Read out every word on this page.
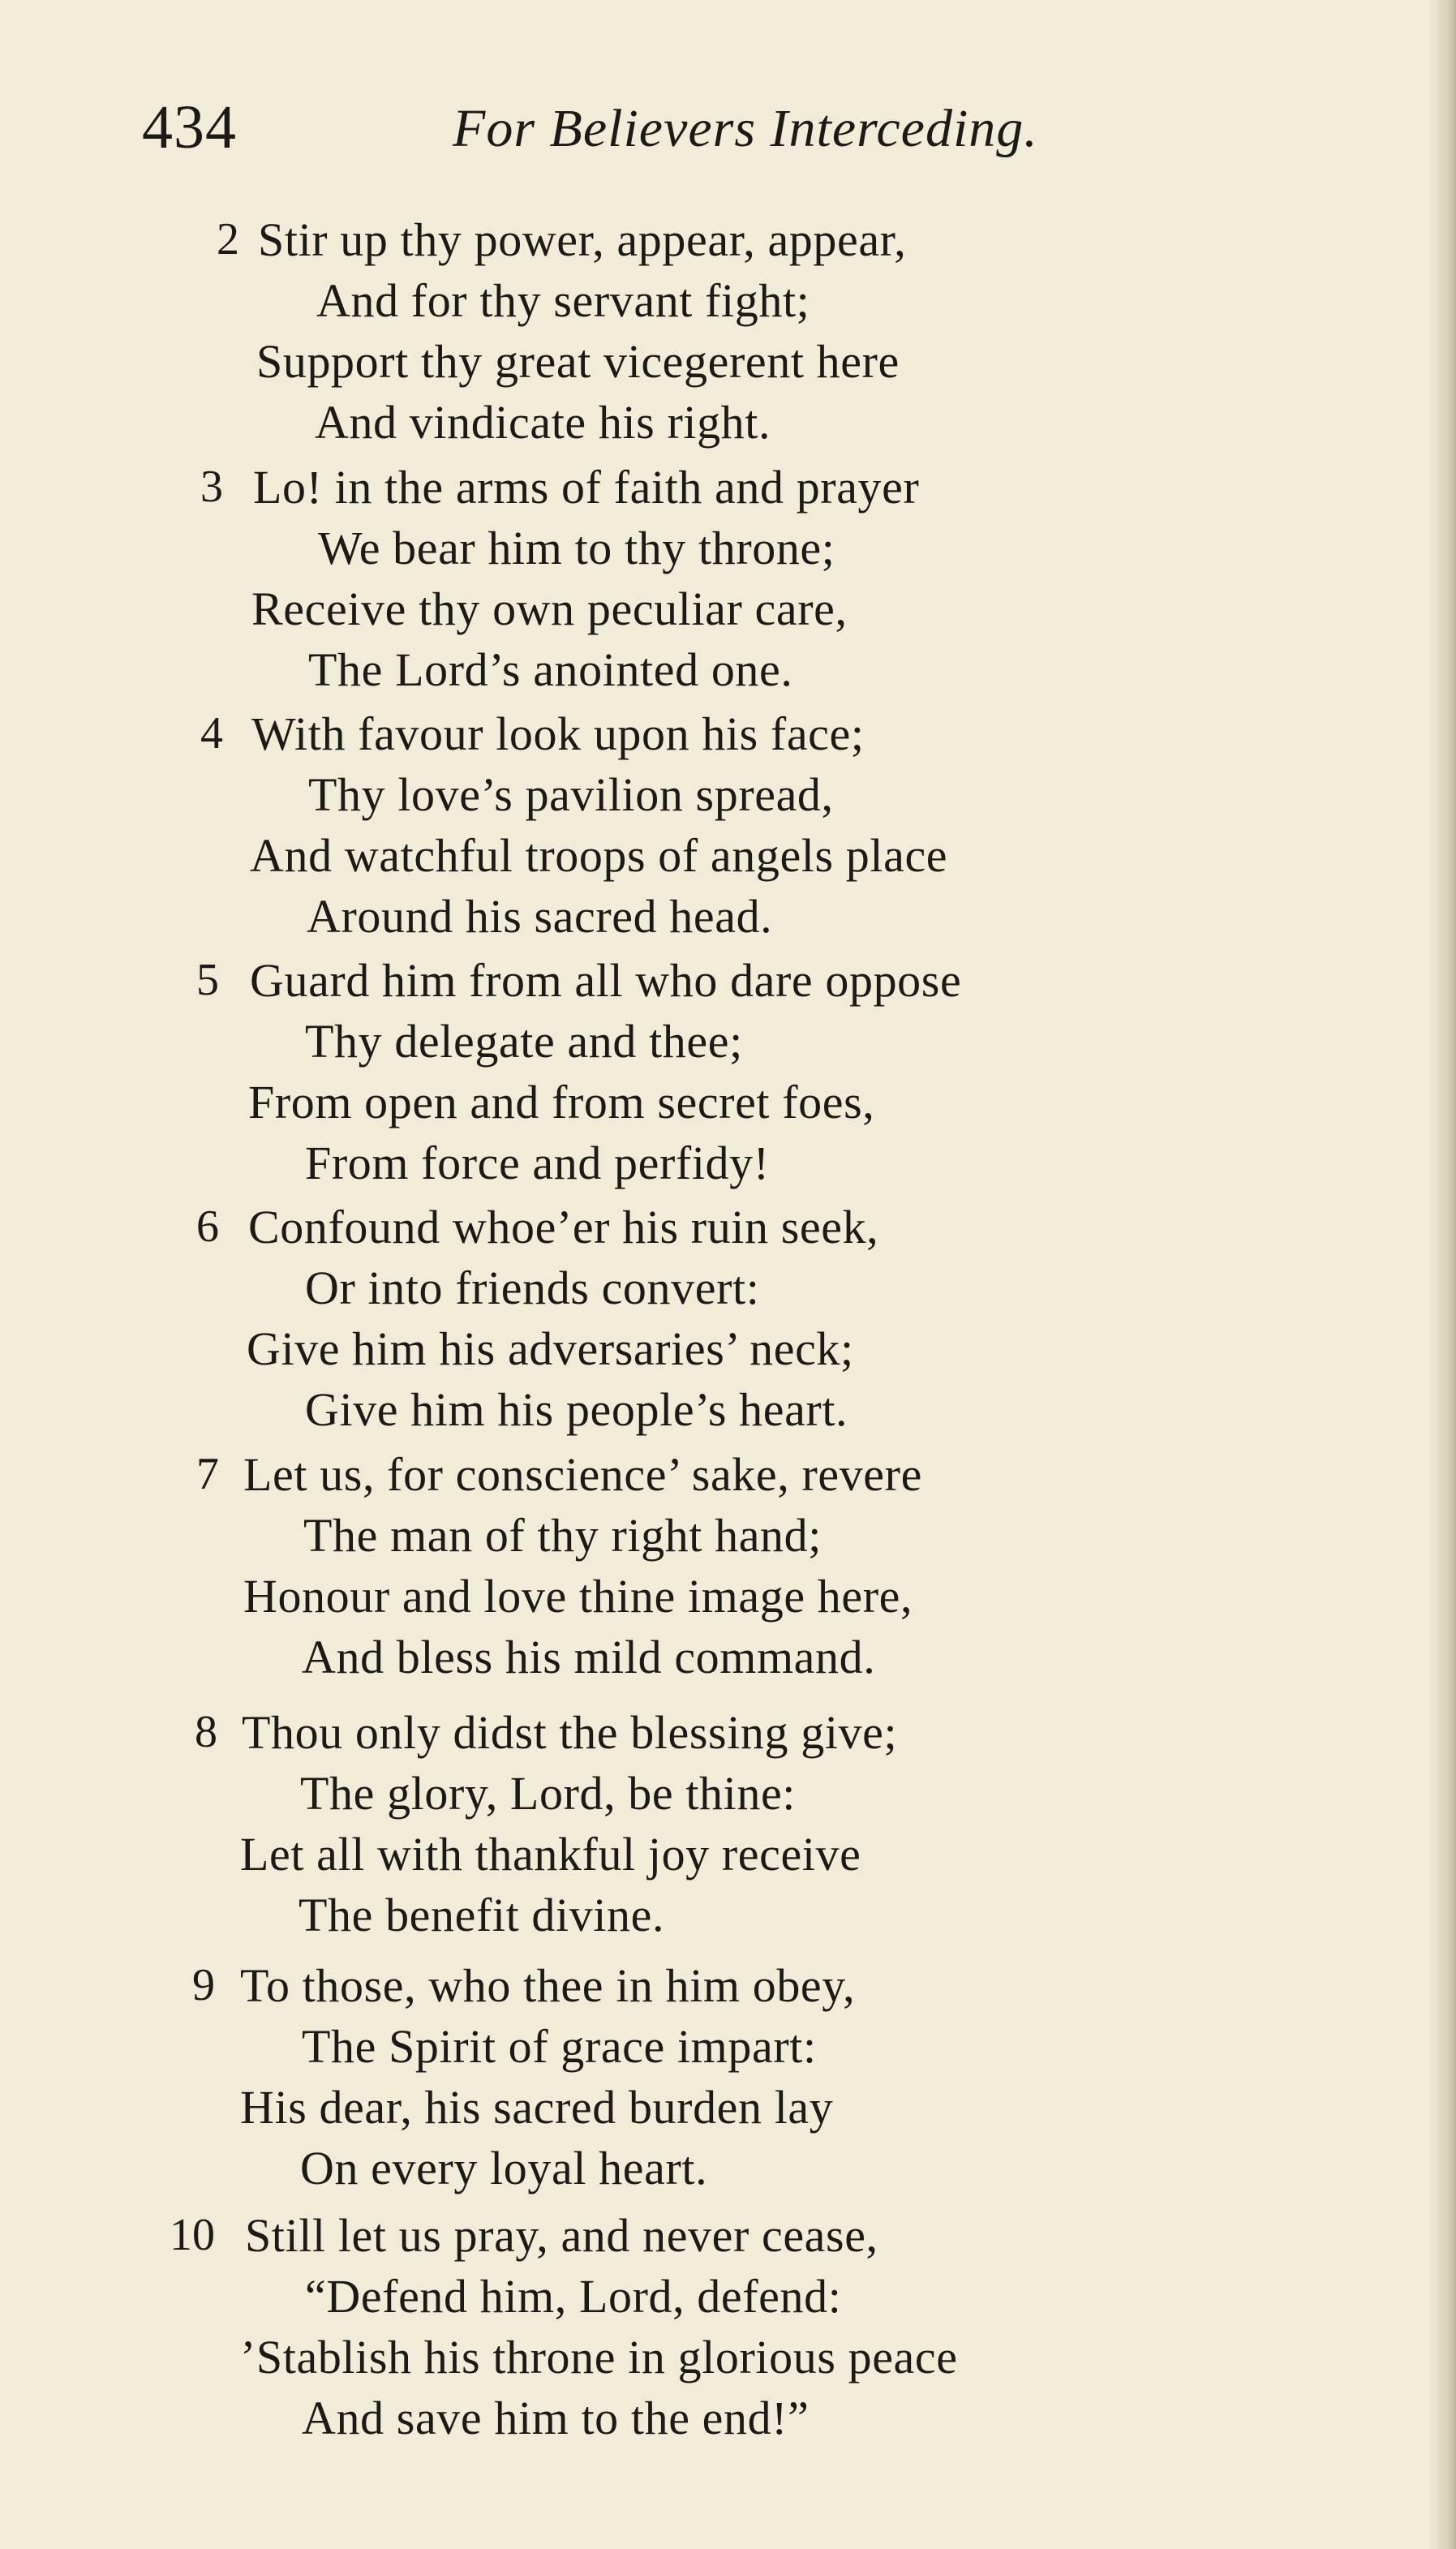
434	For Believers Interceding.
2 Stir up thy power, appear, appear,
And for thy servant fight;
Support thy great vicegerent here
And vindicate his right.
3 Lo! in the arms of faith and prayer
We bear him to thy throne;
Receive thy own peculiar care,
The Lord’s anointed one.
4 With favour look upon his face;
Thy love’s pavilion spread,
And watchful troops of angels place
Around his sacred head.
5 Guard him from all who dare oppose
Thy delegate and thee;
From open and from secret foes,
From force and perfidy!
6 Confound whoe’er his ruin seek,
Or into friends convert:
Give him his adversaries’ neck;
Give him his people’s heart.
7 Let us, for conscience’ sake, revere
The man of thy right hand;
Honour and love thine image here,
And bless his mild command.
8 Thou only didst the blessing give;
The glory, Lord, be thine:
Let all with thankful joy receive
The benefit divine.
9 To those, who thee in him obey,
The Spirit of grace impart:
His dear, his sacred burden lay
On every loyal heart.
10 Still let us pray, and never cease,
“Defend him, Lord, defend:
’Stablish his throne in glorious peace
And save him to the end!”
